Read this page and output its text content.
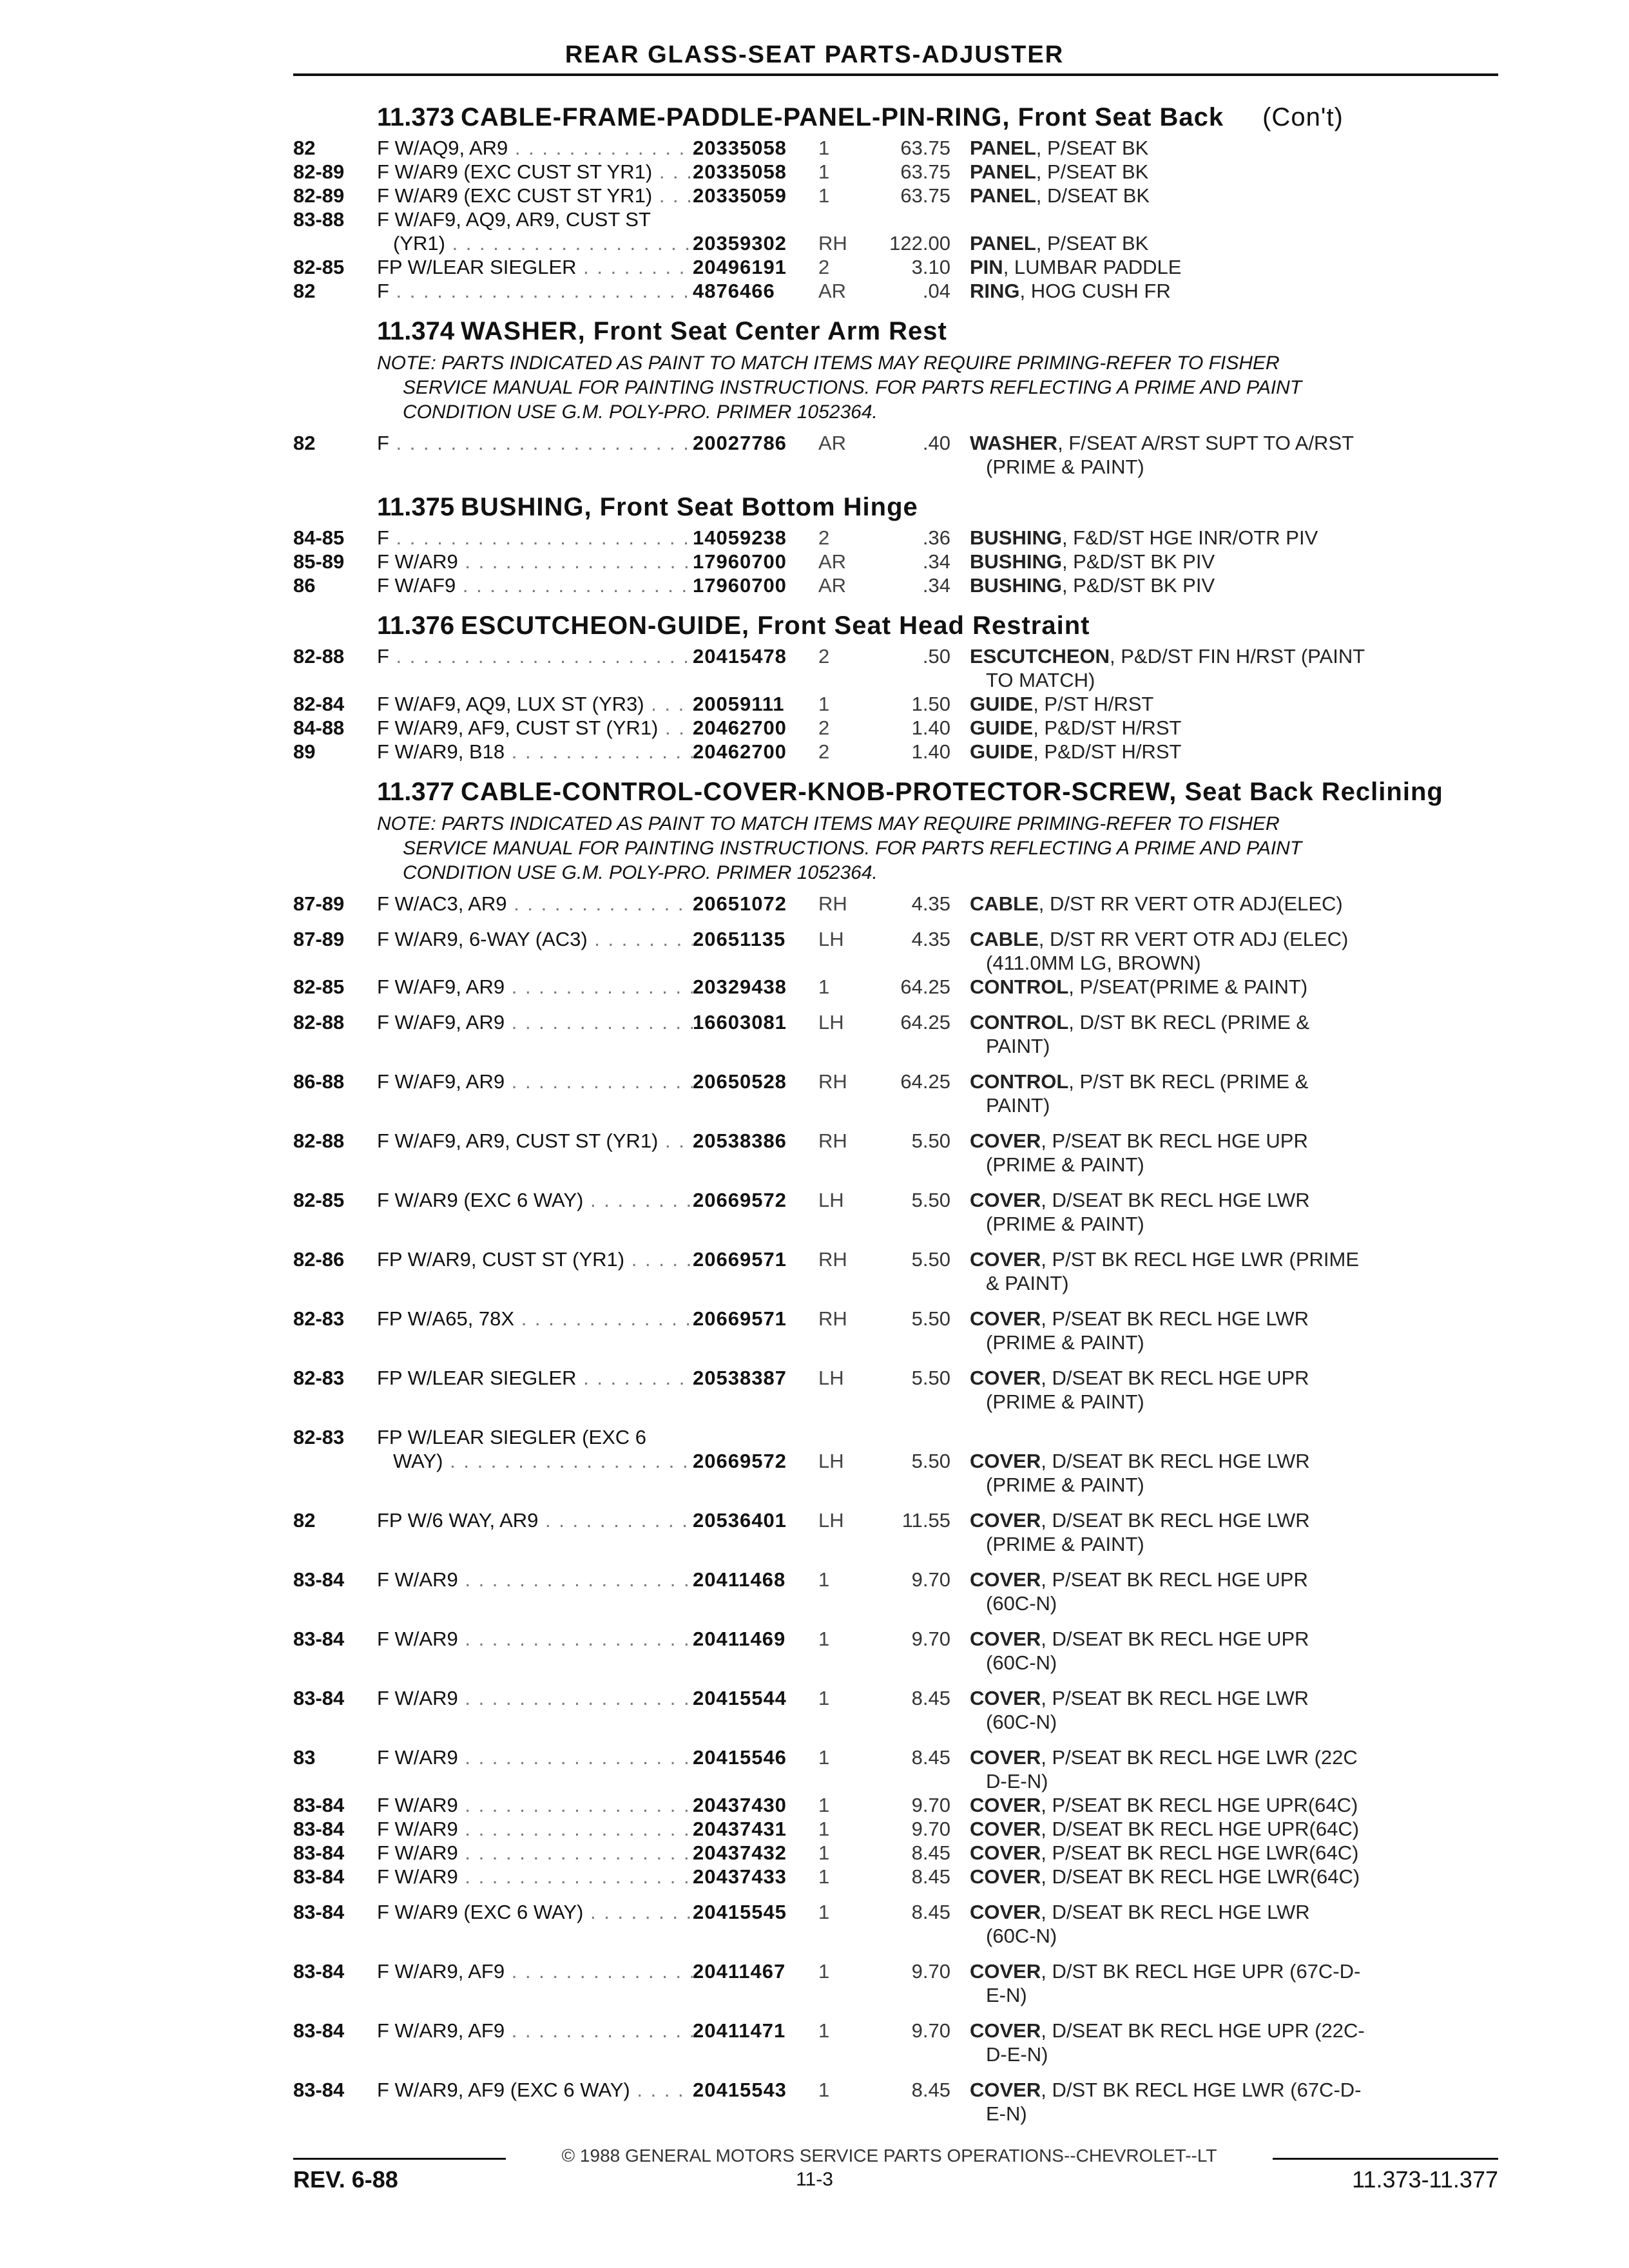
REAR GLASS-SEAT PARTS-ADJUSTER
11.373 CABLE-FRAME-PADDLE-PANEL-PIN-RING, Front Seat Back (Con't)
82	F W/AQ9, AR9 . . .	20335058	1	63.75 PANEL, P/SEAT BK
82-89	F W/AR9 (EXC CUST ST YR1) . . .	20335058	1	63.75 PANEL, P/SEAT BK
82-89	F W/AR9 (EXC CUST ST YR1) . . .	20335059	1	63.75 PANEL, D/SEAT BK
83-88	F W/AF9, AQ9, AR9, CUST ST
(YR1) . . .	20359302	RH	122.00 PANEL, P/SEAT BK
82-85	FP W/LEAR SIEGLER . . .	20496191	2	3.10 PIN, LUMBAR PADDLE
82	F . . .	4876466	AR	.04 RING, HOG CUSH FR
11.374 WASHER, Front Seat Center Arm Rest
NOTE: PARTS INDICATED AS PAINT TO MATCH ITEMS MAY REQUIRE PRIMING-REFER TO FISHER

SERVICE MANUAL FOR PAINTING INSTRUCTIONS. FOR PARTS REFLECTING A PRIME AND PAINT
CONDITION USE G.M. POLY-PRO. PRIMER 1052364.
82	F . . .	20027786	AR	.40 WASHER, F/SEAT A/RST SUPT TO A/RST
(PRIME & PAINT)
11.375 BUSHING, Front Seat Bottom Hinge
84-85	F . . .	14059238	2	.36 BUSHING, F&D/ST HGE INR/OTR PIV
85-89	F W/AR9 . . .	17960700	AR	.34 BUSHING, P&D/ST BK PIV
86	F W/AF9 . . .	17960700	AR	.34 BUSHING, P&D/ST BK PIV
11.376 ESCUTCHEON-GUIDE, Front Seat Head Restraint
82-88	F . . .	20415478	2	.50 ESCUTCHEON, P&D/ST FIN H/RST (PAINT
TO MATCH)
82-84	F W/AF9, AQ9, LUX ST (YR3) . . .	20059111	1	1.50 GUIDE, P/ST H/RST
84-88	F W/AR9, AF9, CUST ST (YR1) . . .	20462700	2	1.40 GUIDE, P&D/ST H/RST
89	F W/AR9, B18 . . .	20462700	2	1.40 GUIDE, P&D/ST H/RST
11.377 CABLE-CONTROL-COVER-KNOB-PROTECTOR-SCREW, Seat Back Reclining
NOTE: PARTS INDICATED AS PAINT TO MATCH ITEMS MAY REQUIRE PRIMING-REFER TO FISHER

SERVICE MANUAL FOR PAINTING INSTRUCTIONS. FOR PARTS REFLECTING A PRIME AND PAINT
CONDITION USE G.M. POLY-PRO. PRIMER 1052364.
87-89	F W/AC3, AR9 . . .	20651072	RH	4.35 CABLE, D/ST RR VERT OTR ADJ(ELEC)
87-89	F W/AR9, 6-WAY (AC3) . . .	20651135	LH	4.35 CABLE, D/ST RR VERT OTR ADJ (ELEC)
(411.0MM LG, BROWN)
82-85	F W/AF9, AR9 . . .	20329438	1	64.25 CONTROL, P/SEAT(PRIME & PAINT)
82-88	F W/AF9, AR9 . . .	16603081	LH	64.25 CONTROL, D/ST BK RECL (PRIME &
PAINT)
86-88	F W/AF9, AR9 . . .	20650528	RH	64.25 CONTROL, P/ST BK RECL (PRIME &
PAINT)
82-88	F W/AF9, AR9, CUST ST (YR1) . . .	20538386	RH	5.50 COVER, P/SEAT BK RECL HGE UPR
(PRIME & PAINT)
82-85	F W/AR9 (EXC 6 WAY) . . .	20669572	LH	5.50 COVER, D/SEAT BK RECL HGE LWR
(PRIME & PAINT)
82-86	FP W/AR9, CUST ST (YR1) . . .	20669571	RH	5.50 COVER, P/ST BK RECL HGE LWR (PRIME
& PAINT)
82-83	FP W/A65, 78X . . .	20669571	RH	5.50 COVER, P/SEAT BK RECL HGE LWR
(PRIME & PAINT)
82-83	FP W/LEAR SIEGLER . . .	20538387	LH	5.50 COVER, D/SEAT BK RECL HGE UPR
(PRIME & PAINT)
82-83	FP W/LEAR SIEGLER (EXC 6
WAY) . . .	20669572	LH	5.50 COVER, D/SEAT BK RECL HGE LWR
(PRIME & PAINT)
82	FP W/6 WAY, AR9 . . .	20536401	LH	11.55 COVER, D/SEAT BK RECL HGE LWR
(PRIME & PAINT)
83-84	F W/AR9 . . .	20411468	1	9.70 COVER, P/SEAT BK RECL HGE UPR
(60C-N)
83-84	F W/AR9 . . .	20411469	1	9.70 COVER, D/SEAT BK RECL HGE UPR
(60C-N)
83-84	F W/AR9 . . .	20415544	1	8.45 COVER, P/SEAT BK RECL HGE LWR
(60C-N)
83	F W/AR9 . . .	20415546	1	8.45 COVER, P/SEAT BK RECL HGE LWR (22C
D-E-N)
83-84	F W/AR9 . . .	20437430	1	9.70 COVER, P/SEAT BK RECL HGE UPR(64C)
83-84	F W/AR9 . . .	20437431	1	9.70 COVER, D/SEAT BK RECL HGE UPR(64C)
83-84	F W/AR9 . . .	20437432	1	8.45 COVER, P/SEAT BK RECL HGE LWR(64C)
83-84	F W/AR9 . . .	20437433	1	8.45 COVER, D/SEAT BK RECL HGE LWR(64C)
83-84	F W/AR9 (EXC 6 WAY) . . .	20415545	1	8.45 COVER, D/SEAT BK RECL HGE LWR
(60C-N)
83-84	F W/AR9, AF9 . . .	20411467	1	9.70 COVER, D/ST BK RECL HGE UPR (67C-D-
E-N)
83-84	F W/AR9, AF9 . . .	20411471	1	9.70 COVER, D/SEAT BK RECL HGE UPR (22C-
D-E-N)
83-84	F W/AR9, AF9 (EXC 6 WAY) . . .	20415543	1	8.45 COVER, D/ST BK RECL HGE LWR (67C-D-
E-N)
© 1988 GENERAL MOTORS SERVICE PARTS OPERATIONS--CHEVROLET--LT
REV. 6-88	11-3	11.373-11.377
